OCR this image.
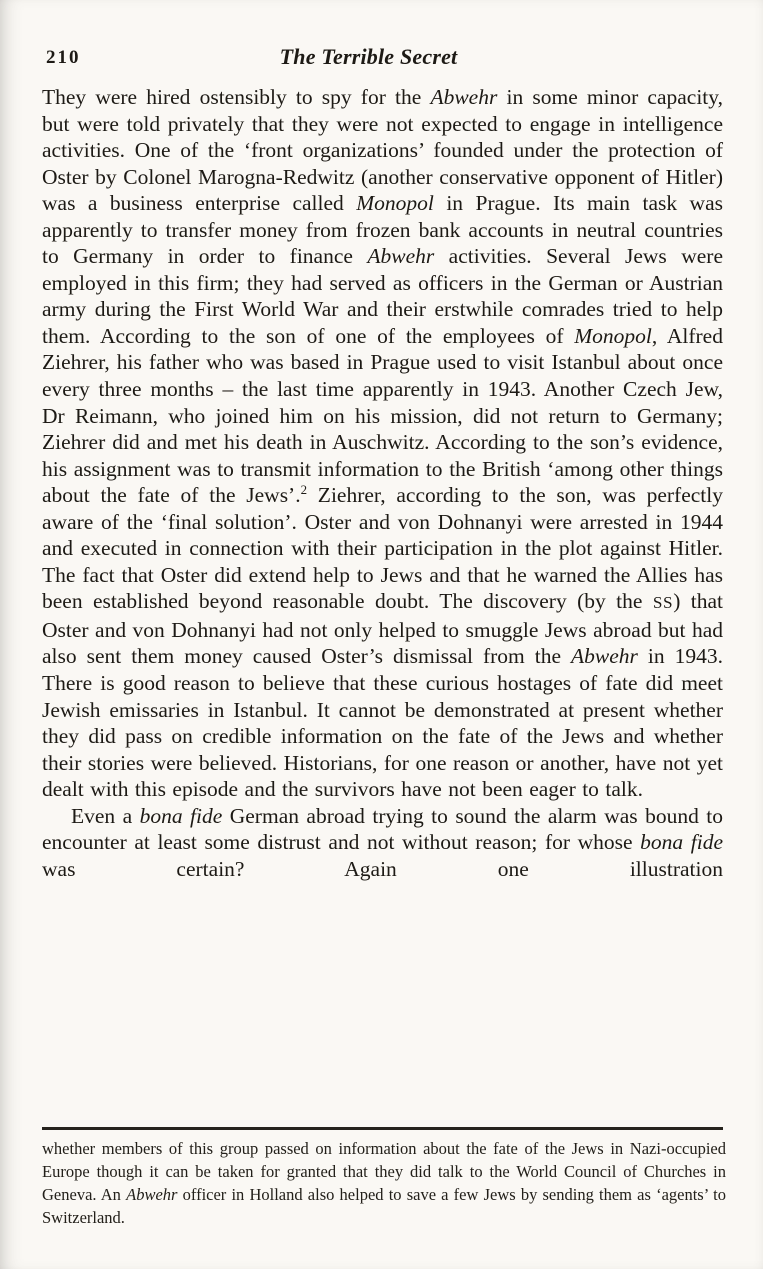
210	The Terrible Secret

They were hired ostensibly to spy for the Abwehr in some minor capacity, but were told privately that they were not expected to engage in intelligence activities. One of the ‘front organizations’ founded under the protection of Oster by Colonel Marogna-Redwitz (another conservative opponent of Hitler) was a business enterprise called Monopol in Prague. Its main task was apparently to transfer money from frozen bank accounts in neutral countries to Germany in order to finance Abwehr activities. Several Jews were employed in this firm; they had served as officers in the German or Austrian army during the First World War and their erstwhile comrades tried to help them. According to the son of one of the employees of Monopol, Alfred Ziehrer, his father who was based in Prague used to visit Istanbul about once every three months – the last time apparently in 1943. Another Czech Jew, Dr Reimann, who joined him on his mission, did not return to Germany; Ziehrer did and met his death in Auschwitz. According to the son’s evidence, his assignment was to transmit information to the British ‘among other things about the fate of the Jews’.$^2$ Ziehrer, according to the son, was perfectly aware of the ‘final solution’. Oster and von Dohnanyi were arrested in 1944 and executed in connection with their participation in the plot against Hitler. The fact that Oster did extend help to Jews and that he warned the Allies has been established beyond reasonable doubt. The discovery (by the SS) that Oster and von Dohnanyi had not only helped to smuggle Jews abroad but had also sent them money caused Oster’s dismissal from the Abwehr in 1943. There is good reason to believe that these curious hostages of fate did meet Jewish emissaries in Istanbul. It cannot be demonstrated at present whether they did pass on credible information on the fate of the Jews and whether their stories were believed. Historians, for one reason or another, have not yet dealt with this episode and the survivors have not been eager to talk.

Even a bona fide German abroad trying to sound the alarm was bound to encounter at least some distrust and not without reason; for whose bona fide was certain? Again one illustration

whether members of this group passed on information about the fate of the Jews in Nazi-occupied Europe though it can be taken for granted that they did talk to the World Council of Churches in Geneva. An Abwehr officer in Holland also helped to save a few Jews by sending them as ‘agents’ to Switzerland.
